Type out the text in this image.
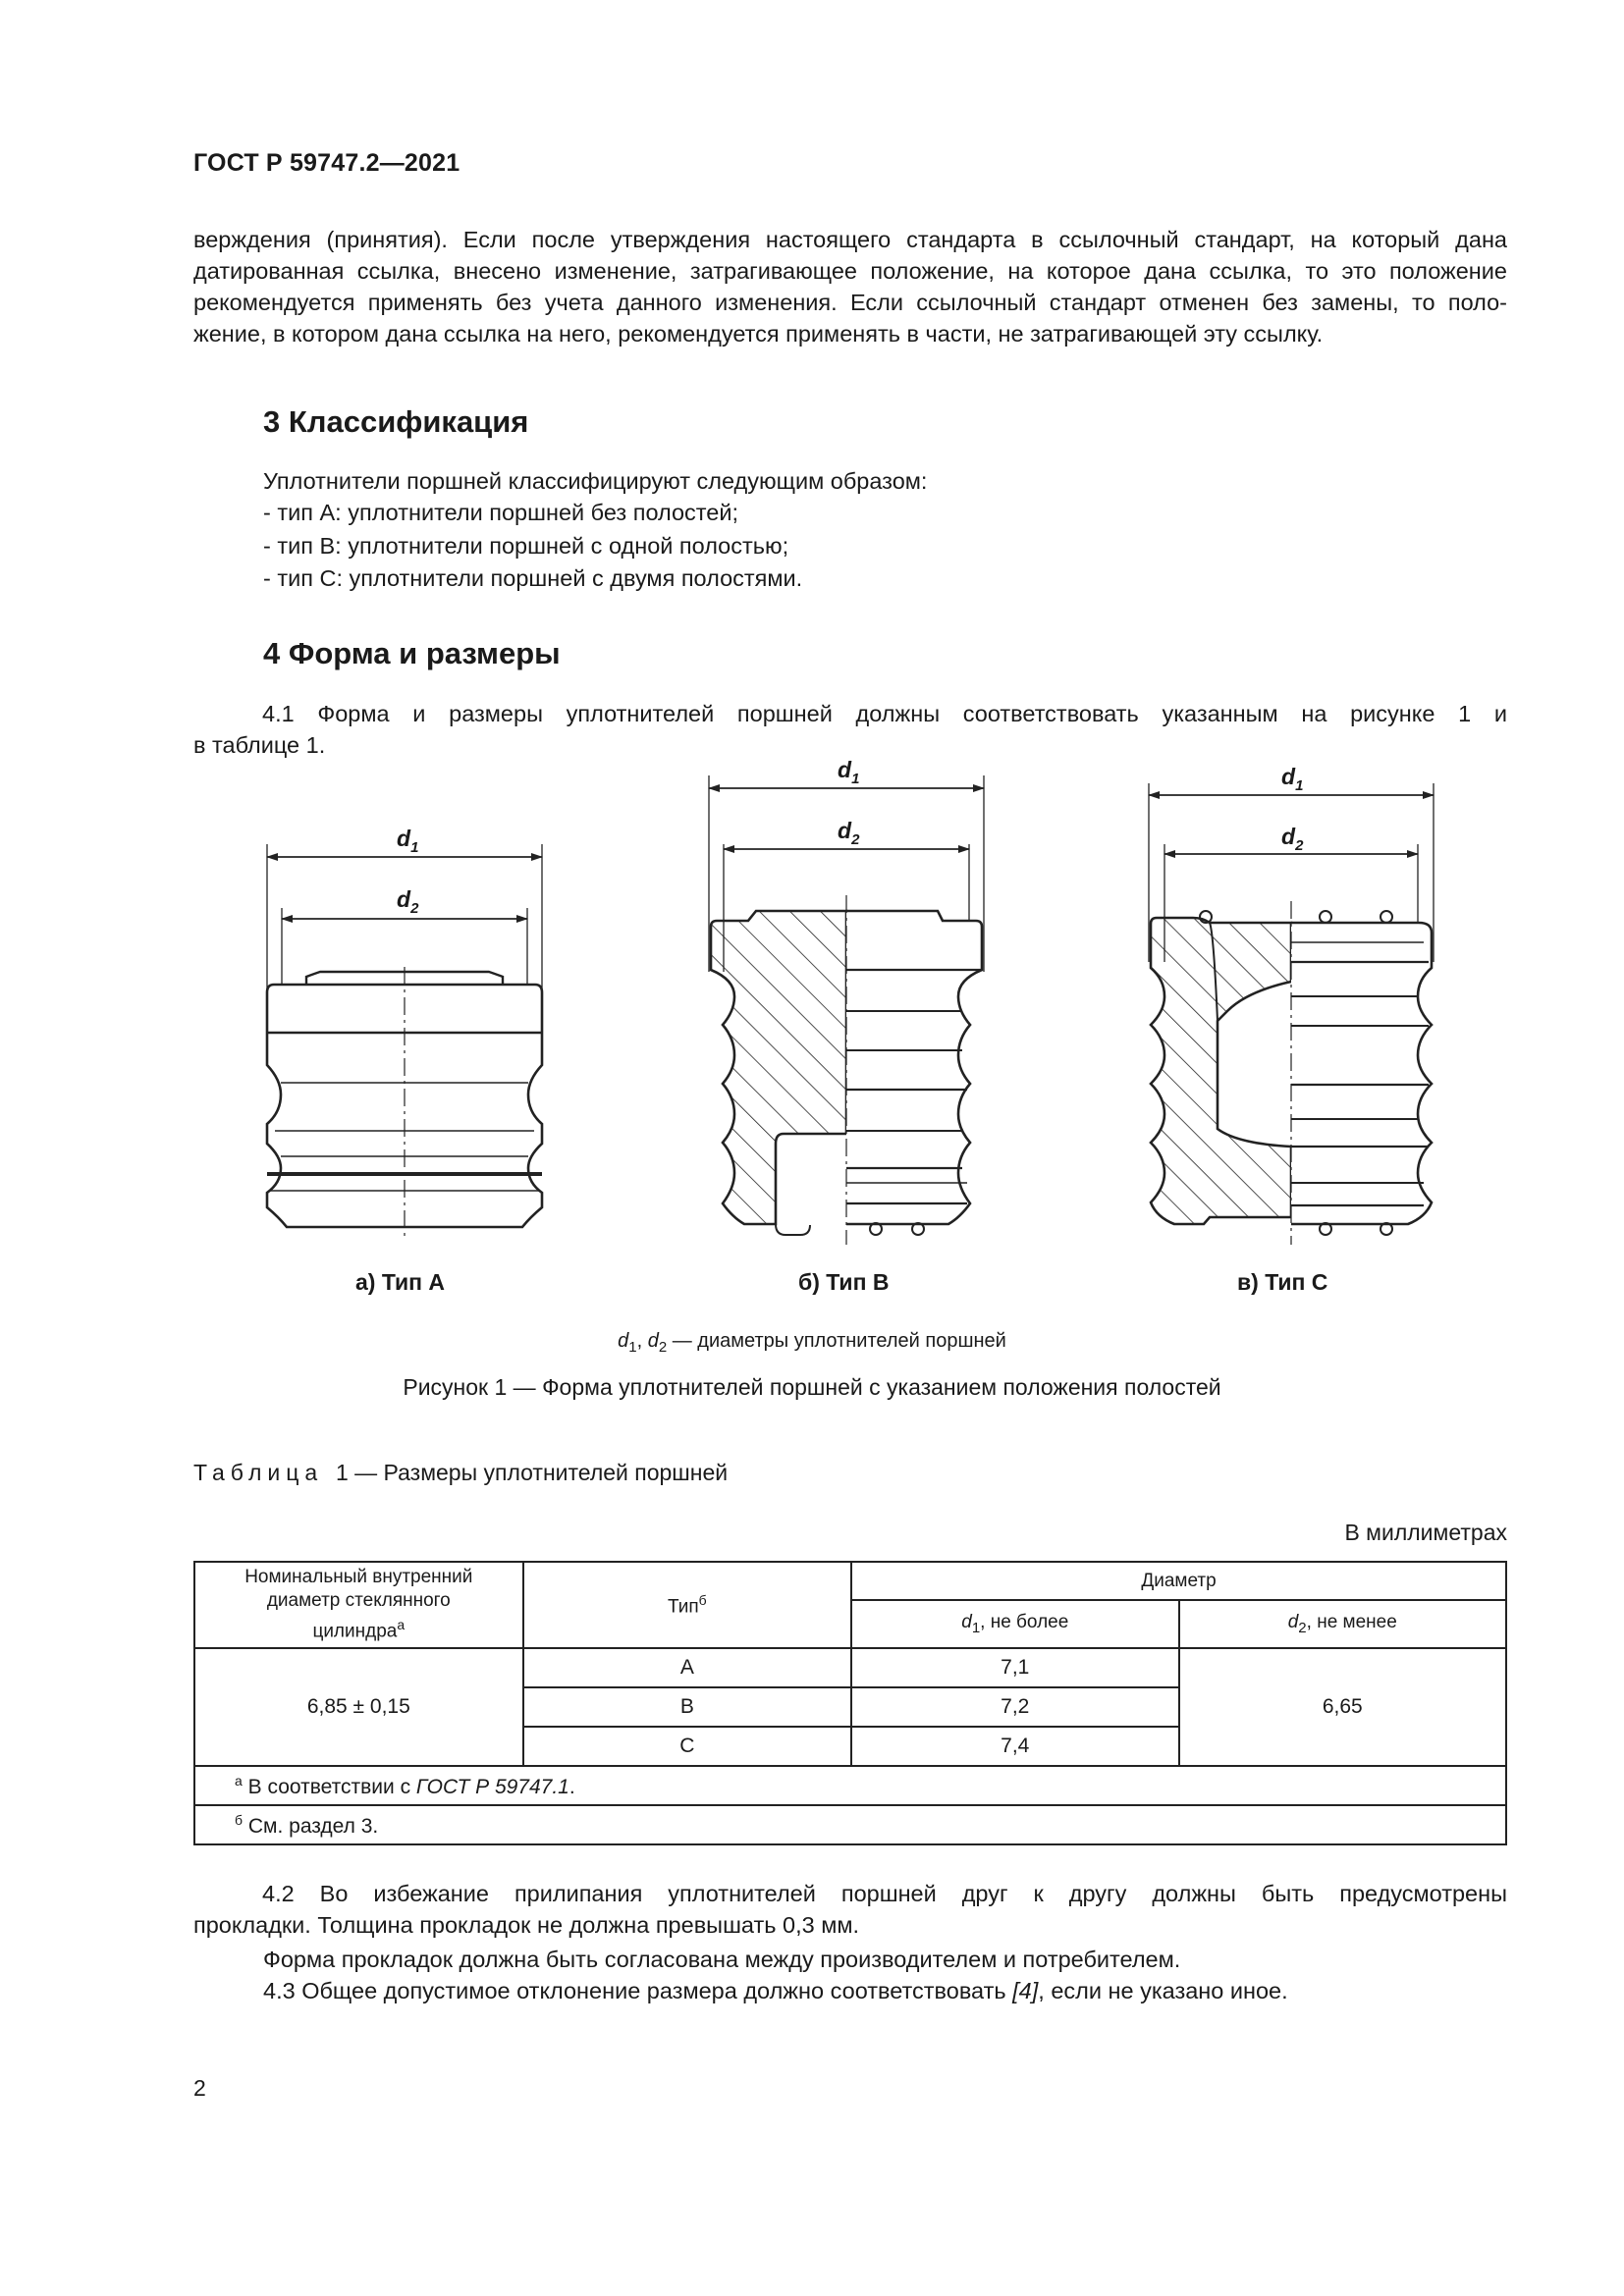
ГОСТ Р 59747.2—2021
верждения (принятия). Если после утверждения настоящего стандарта в ссылочный стандарт, на который дана
датированная ссылка, внесено изменение, затрагивающее положение, на которое дана ссылка, то это положение
рекомендуется применять без учета данного изменения. Если ссылочный стандарт отменен без замены, то поло-
жение, в котором дана ссылка на него, рекомендуется применять в части, не затрагивающей эту ссылку.
3 Классификация
Уплотнители поршней классифицируют следующим образом:
- тип А: уплотнители поршней без полостей;
- тип В: уплотнители поршней с одной полостью;
- тип С: уплотнители поршней с двумя полостями.
4 Форма и размеры
4.1 Форма и размеры уплотнителей поршней должны соответствовать указанным на рисунке 1 и
в таблице 1.
$d_1$
$d_2$
$d_1$
$d_2$
$d_1$
$d_2$
а) Тип А	б) Тип В	в) Тип С
$d_1$, $d_2$ — диаметры уплотнителей поршней
Рисунок 1 — Форма уплотнителей поршней с указанием положения полостей
Таблица 1 — Размеры уплотнителей поршней
В миллиметрах
Номинальный внутренний
диаметр стеклянного
цилиндра$^а$	Тип$^б$	Диаметр	
		$d_1$, не более	$d_2$, не менее
6,85 ± 0,15	А	7,1	6,65
	В	7,2	
	С	7,4	
$^а$ В соответствии с ГОСТ Р 59747.1.			
$^б$ См. раздел 3.			
4.2 Во избежание прилипания уплотнителей поршней друг к другу должны быть предусмотрены
прокладки. Толщина прокладок не должна превышать 0,3 мм.
Форма прокладок должна быть согласована между производителем и потребителем.
4.3 Общее допустимое отклонение размера должно соответствовать [4], если не указано иное.
2
